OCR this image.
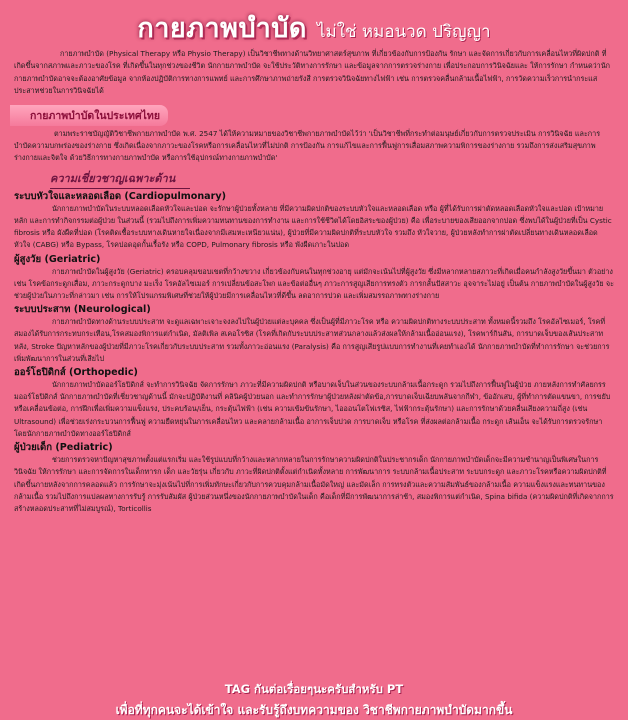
กายภาพบำบัด ไม่ใช่ หมอนวด ปริญญา

กายภาพบำบัด (Physical Therapy หรือ Physio Therapy) เป็นวิชาชีพทางด้านวิทยาศาสตร์สุขภาพ ที่เกี่ยวข้องกับการป้องกัน รักษา และจัดการเกี่ยวกับการเคลื่อนไหวที่ผิดปกติ ที่เกิดขึ้นจากสภาพและภาวะของโรค ที่เกิดขึ้นในทุกช่วงของชีวิต นักกายภาพบำบัด จะใช้ประวัติทางการรักษา และข้อมูลจากการตรวจร่างกาย เพื่อประกอบการวินิจฉัยและ ให้การรักษา กำหนดว่านักกายภาพบำบัดอาจจะต้องอาศัยข้อมูล จากห้องปฏิบัติการทางการแพทย์ และการศึกษาภาพถ่ายรังสี การตรวจวินิจฉัยทางไฟฟ้า เช่น การตรวจคลื่นกล้ามเนื้อไฟฟ้า, การวัดความเร็วการนำกระแสประสาทช่วยในการวินิจฉัยได้

กายภาพบำบัดในประเทศไทย

ตามพระราชบัญญัติวิชาชีพกายภาพบำบัด พ.ศ. 2547 ได้ให้ความหมายของวิชาชีพกายภาพบำบัดไว้ว่า 'เป็นวิชาชีพที่กระทำต่อมนุษย์เกี่ยวกับการตรวจประเมิน การวินิจฉัย และการบำบัดความบกพร่องของร่างกาย ซึ่งเกิดเนื่องจากภาวะของโรคหรือการเคลื่อนไหวที่ไม่ปกติ การป้องกัน การแก้ไขและการฟื้นฟูการเสื่อมสภาพความพิการของร่างกาย รวมถึงการส่งเสริมสุขภาพร่างกายและจิตใจ ด้วยวิธีการทางกายภาพบำบัด หรือการใช้อุปกรณ์ทางกายภาพบำบัด'

ความเชี่ยวชาญเฉพาะด้าน
ระบบหัวใจและหลอดเลือด (Cardiopulmonary)

นักกายภาพบำบัดในระบบหลอดเลือดหัวใจและปอด จะรักษาผู้ป่วยทั้งหลาย ที่มีความผิดปกติของระบบหัวใจและหลอดเลือด หรือ ผู้ที่ได้รับการผ่าตัดหลอดเลือดหัวใจและปอด เป้าหมายหลัก และการทำกิจกรรมต่อผู้ป่วย ในส่วนนี้ (รวมไปถึงการเพิ่มความทนทานของการทำงาน และการใช้ชีวิตได้โดยอิสระของผู้ป่วย) คือ เพื่อระบายของเสียออกจากปอด ซึ่งพบได้ในผู้ป่วยที่เป็น Cystic fibrosis หรือ ผังผืดที่ปอด (โรคติดเชื้อระบบทางเดินหายใจเนื่องจากมีเสมหะเหนียวแน่น), ผู้ป่วยที่มีความผิดปกติที่ระบบหัวใจ รวมถึง หัวใจวาย, ผู้ป่วยหลังทำการผ่าตัดเปลี่ยนทางเดินหลอดเลือดหัวใจ (CABG) หรือ Bypass, โรคปอดอุดกั้นเรื้อรัง หรือ COPD, Pulmonary fibrosis หรือ พังผืดเกาะในปอด

ผู้สูงวัย (Geriatric)

กายภาพบำบัดในผู้สูงวัย (Geriatric) ครอบคลุมขอบเขตที่กว้างขวาง เกี่ยวข้องกับคนในทุกช่วงอายุ แต่มักจะเน้นไปที่ผู้สูงวัย ซึ่งมีหลากหลายสภาวะที่เกิดเมื่อคนกำลังสูงวัยขึ้นมา ตัวอย่างเช่น โรคข้อกระดูกเสื่อม, ภาวะกระดูกบาง มะเร็ง โรคอัลไซเมอร์ การเปลี่ยนข้อสะโพก และข้อต่ออื่นๆ ภาวะการสูญเสียการทรงตัว การกลั้นปัสสาวะ อุจจาระไม่อยู่ เป็นต้น กายภาพบำบัดในผู้สูงวัย จะช่วยผู้ป่วยในภาวะที่กล่าวมา เช่น การให้โปรแกรมพิเศษที่ช่วยให้ผู้ป่วยมีการเคลื่อนไหวที่ดีขึ้น ลดอาการปวด และเพิ่มสมรรถภาพทางร่างกาย

ระบบประสาท (Neurological)

กายภาพบำบัดทางด้านระบบประสาท จะดูแลเฉพาะเจาะจงลงไปในผู้ป่วยแต่ละบุคคล ซึ่งเป็นผู้ที่มีภาวะโรค หรือ ความผิดปกติทางระบบประสาท ทั้งหมดนี้รวมถึง โรคอัลไซเมอร์, โรคที่สมองได้รับการกระทบกระเทือน,โรคสมองพิการแต่กำเนิด, มัลติเพิล สเคอโรซิส (โรคที่เกิดกับระบบประสาทส่วนกลางแล้วส่งผลให้กล้ามเนื้ออ่อนแรง), โรคพาร์กินสัน, การบาดเจ็บของเส้นประสาทหลัง, Stroke ปัญหาหลักของผู้ป่วยที่มีภาวะโรคเกี่ยวกับระบบประสาท รวมทั้งภาวะอ่อนแรง (Paralysis) คือ การสูญเสียรูปแบบการทำงานที่เคยทำเองได้ นักกายภาพบำบัดที่ทำการรักษา จะช่วยการเพิ่มพัฒนาการในส่วนที่เสียไป

ออร์โธปิดิกส์ (Orthopedic)

นักกายภาพบำบัดออร์โธปิดิกส์ จะทำการวินิจฉัย จัดการรักษา ภาวะที่มีความผิดปกติ หรือบาดเจ็บในส่วนของระบบกล้ามเนื้อกระดูก รวมไปถึงการฟื้นฟูในผู้ป่วย ภายหลังการทำศัลยกรรมออร์โธปิดิกส์ นักกายภาพบำบัดที่เชี่ยวชาญด้านนี้ มักจะปฏิบัติงานที่ คลินิคผู้ป่วยนอก และทำการรักษาผู้ป่วยหลังผ่าตัดข้อ,การบาดเจ็บเฉียบพลันจากกีฬา, ข้ออักเสบ, ผู้ที่ทำการตัดแขนขา, การขยับ หรือเคลื่อนข้อต่อ, การฝึกเพื่อเพิ่มความแข็งแรง, ประคบร้อน/เย็น, กระตุ้นไฟฟ้า (เช่น ความเข้มข้นรักษา, ไอออนโตโฟเรซิส, ไฟฟ้ากระตุ้นรักษา) และการรักษาด้วยคลื่นเสียงความถี่สูง (เช่น Ultrasound) เพื่อช่วยเร่งกระบวนการฟื้นฟู ความยืดหยุ่นในการเคลื่อนไหว และคลายกล้ามเนื้อ อาการเจ็บปวด การบาดเจ็บ หรือโรค ที่ส่งผลต่อกล้ามเนื้อ กระดูก เส้นเอ็น จะได้รับการตรวจรักษาโดยนักกายภาพบำบัดทางออร์โธปิดิกส์

ผู้ป่วยเด็ก (Pediatric)

ช่วยการตรวจหาปัญหาสุขภาพตั้งแต่แรกเริ่ม และใช้รูปแบบที่กว้างและหลากหลายในการรักษาความผิดปกติในประชากรเด็ก นักกายภาพบำบัดเด็กจะมีความชำนาญเป็นพิเศษในการวินิจฉัย ให้การรักษา และการจัดการในเด็กทารก เด็ก และวัยรุ่น เกี่ยวกับ ภาวะที่ผิดปกติตั้งแต่กำเนิดทั้งหลาย การพัฒนาการ ระบบกล้ามเนื้อประสาท ระบบกระดูก และภาวะโรคหรือความผิดปกติที่เกิดขึ้นภายหลังจากการคลอดแล้ว การรักษาจะมุ่งเน้นไปที่การเพิ่มทักษะเกี่ยวกับการควบคุมกล้ามเนื้อมัดใหญ่ และมัดเล็ก การทรงตัวและความสัมพันธ์ของกล้ามเนื้อ ความแข็งแรงและทนทานของกล้ามเนื้อ รวมไปถึงการแปลผลทางการรับรู้ การรับสัมผัส ผู้ป่วยส่วนหนึ่งของนักกายภาพบำบัดในเด็ก คือเด็กที่มีการพัฒนาการล่าช้า, สมองพิการแต่กำเนิด, Spina bifida (ความผิดปกติที่เกิดจากการสร้างหลอดประสาทที่ไม่สมบูรณ์), Torticollis

TAG กันต่อเรื่อยๆนะครับสำหรับ PT
เพื่อที่ทุกคนจะได้เข้าใจ และรับรู้ถึงบทความของ วิชาชีพกายภาพบำบัดมากขึ้น
